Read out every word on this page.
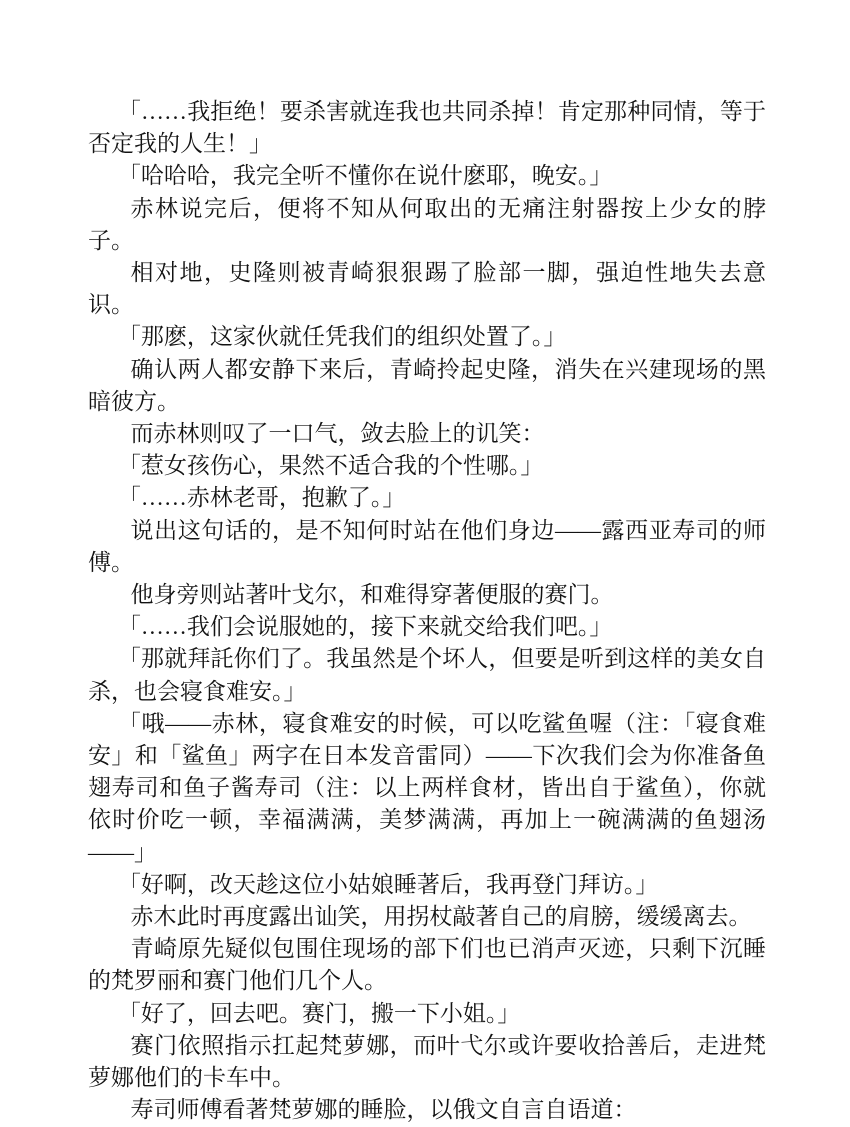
「……我拒绝！要杀害就连我也共同杀掉！肯定那种同情，等于否定我的人生！」

「哈哈哈，我完全听不懂你在说什麽耶，晚安。」

赤林说完后，便将不知从何取出的无痛注射器按上少女的脖子。

相对地，史隆则被青崎狠狠踢了脸部一脚，强迫性地失去意识。

「那麽，这家伙就任凭我们的组织处置了。」

确认两人都安静下来后，青崎拎起史隆，消失在兴建现场的黑暗彼方。

而赤林则叹了一口气，敛去脸上的讥笑：

「惹女孩伤心，果然不适合我的个性哪。」

「……赤林老哥，抱歉了。」

说出这句话的，是不知何时站在他们身边——露西亚寿司的师傅。

他身旁则站著叶戈尔，和难得穿著便服的赛门。

「……我们会说服她的，接下来就交给我们吧。」

「那就拜託你们了。我虽然是个坏人，但要是听到这样的美女自杀，也会寝食难安。」

「哦——赤林，寝食难安的时候，可以吃鲨鱼喔（注：「寝食难安」和「鲨鱼」两字在日本发音雷同）——下次我们会为你准备鱼翅寿司和鱼子酱寿司（注：以上两样食材，皆出自于鲨鱼），你就依时价吃一顿，幸福满满，美梦满满，再加上一碗满满的鱼翅汤——」

「好啊，改天趁这位小姑娘睡著后，我再登门拜访。」

赤木此时再度露出讪笑，用拐杖敲著自己的肩膀，缓缓离去。

青崎原先疑似包围住现场的部下们也已消声灭迹，只剩下沉睡的梵罗丽和赛门他们几个人。

「好了，回去吧。赛门，搬一下小姐。」

赛门依照指示扛起梵萝娜，而叶弋尔或许要收拾善后，走进梵萝娜他们的卡车中。

寿司师傅看著梵萝娜的睡脸，以俄文自言自语道：
